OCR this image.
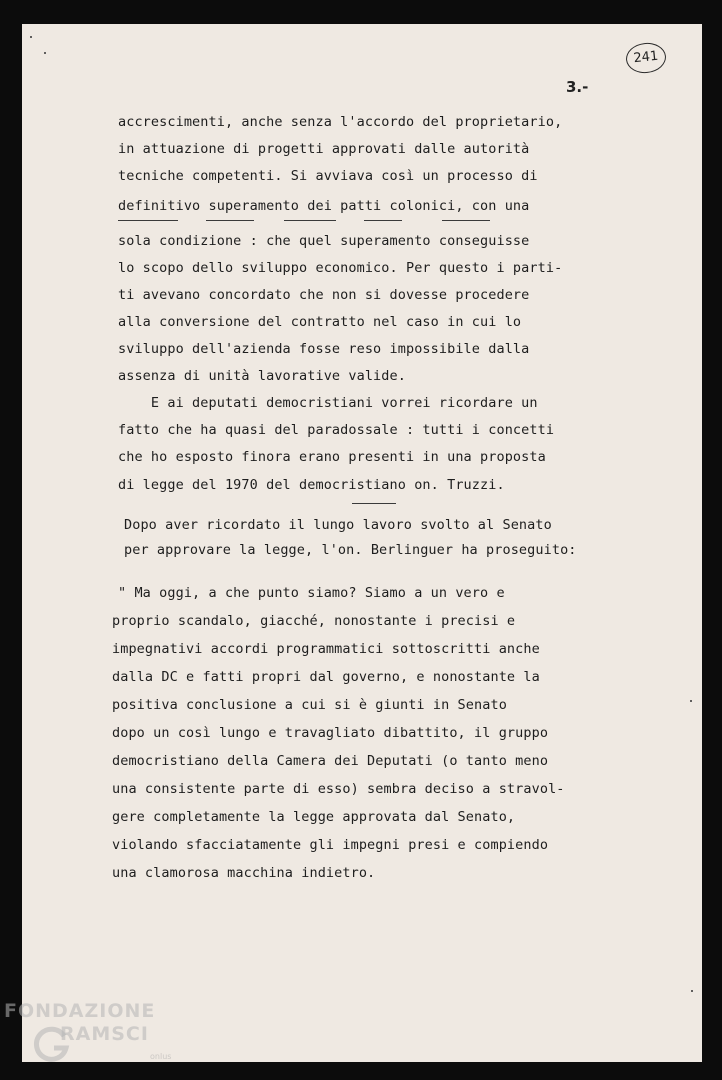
241
3.-

accrescimenti, anche senza l'accordo del proprietario,

in attuazione di progetti approvati dalle autorità

tecniche competenti. Si avviava così un processo di

definitivo superamento dei patti colonici, con una

sola condizione : che quel superamento conseguisse

lo scopo dello sviluppo economico. Per questo i parti-

ti avevano concordato che non si dovesse procedere

alla conversione del contratto nel caso in cui lo

sviluppo dell'azienda fosse reso impossibile dalla

assenza di unità lavorative valide.

E ai deputati democristiani vorrei ricordare un

fatto che ha quasi del paradossale : tutti i concetti

che ho esposto finora erano presenti in una proposta

di legge del 1970 del democristiano on. Truzzi.

Dopo aver ricordato il lungo lavoro svolto al Senato

per approvare la legge, l'on. Berlinguer ha proseguito:

" Ma oggi, a che punto siamo? Siamo a un vero e

proprio scandalo, giacché, nonostante i precisi e

impegnativi accordi programmatici sottoscritti anche

dalla DC e fatti propri dal governo, e nonostante la

positiva conclusione a cui si è giunti in Senato

dopo un così lungo e travagliato dibattito, il gruppo

democristiano della Camera dei Deputati (o tanto meno

una consistente parte di esso) sembra deciso a stravol-

gere completamente la legge approvata dal Senato,

violando sfacciatamente gli impegni presi e compiendo

una clamorosa macchina indietro.

FONDAZIONE
RAMSCI
onlus
